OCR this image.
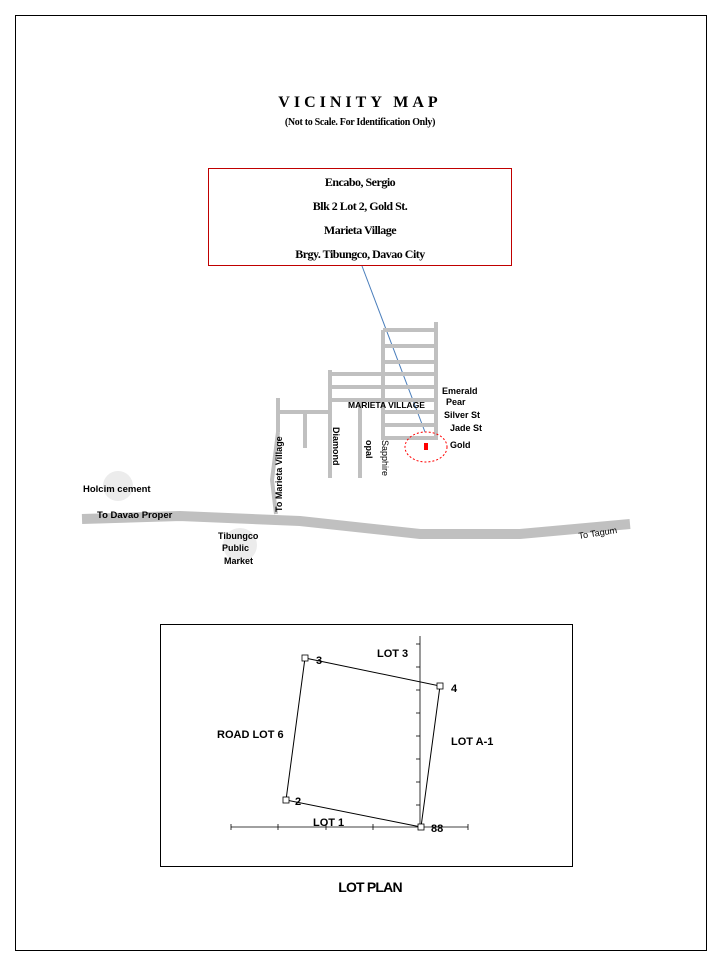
VICINITY MAP
(Not to Scale. For Identification Only)
Encabo, Sergio
Blk 2 Lot 2, Gold St.
Marieta Village
Brgy. Tibungco, Davao City
Emerald
Pear
Silver St
Jade St
Gold
MARIETA VILLAGE
Holcim cement
To Davao Proper
Tibungco
Public
Market
Diamond	opal Sapphire
To Marieta Village
To Tagum
3
4
2
88
LOT 3
LOT A-1
ROAD LOT 6
LOT 1
LOT PLAN
